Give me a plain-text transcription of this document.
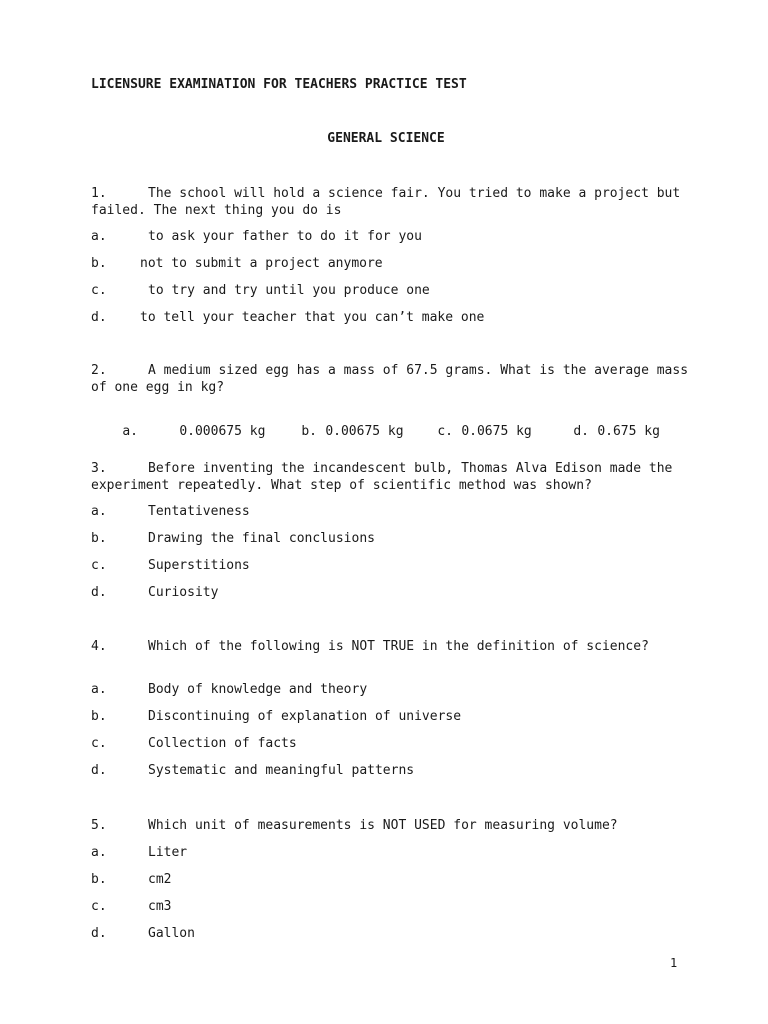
LICENSURE EXAMINATION FOR TEACHERS PRACTICE TEST
GENERAL SCIENCE
1.	The school will hold a science fair. You tried to make a project but failed. The next thing you do is
a.	to ask your father to do it for you
b.	not to submit a project anymore
c.	to try and try until you produce one
d.	to tell your teacher that you can’t make one
2.	A medium sized egg has a mass of 67.5 grams. What is the average mass of one egg in kg?

a.	0.000675 kg	b. 0.00675 kg	c. 0.0675 kg	d. 0.675 kg

3.	Before inventing the incandescent bulb, Thomas Alva Edison made the experiment repeatedly. What step of scientific method was shown?
a.	Tentativeness
b.	Drawing the final conclusions
c.	Superstitions
d.	Curiosity
4.	Which of the following is NOT TRUE in the definition of science?
a.	Body of knowledge and theory
b.	Discontinuing of explanation of universe
c.	Collection of facts
d.	Systematic and meaningful patterns
5.	Which unit of measurements is NOT USED for measuring volume?
a.	Liter
b.	cm2
c.	cm3
d.	Gallon
1
